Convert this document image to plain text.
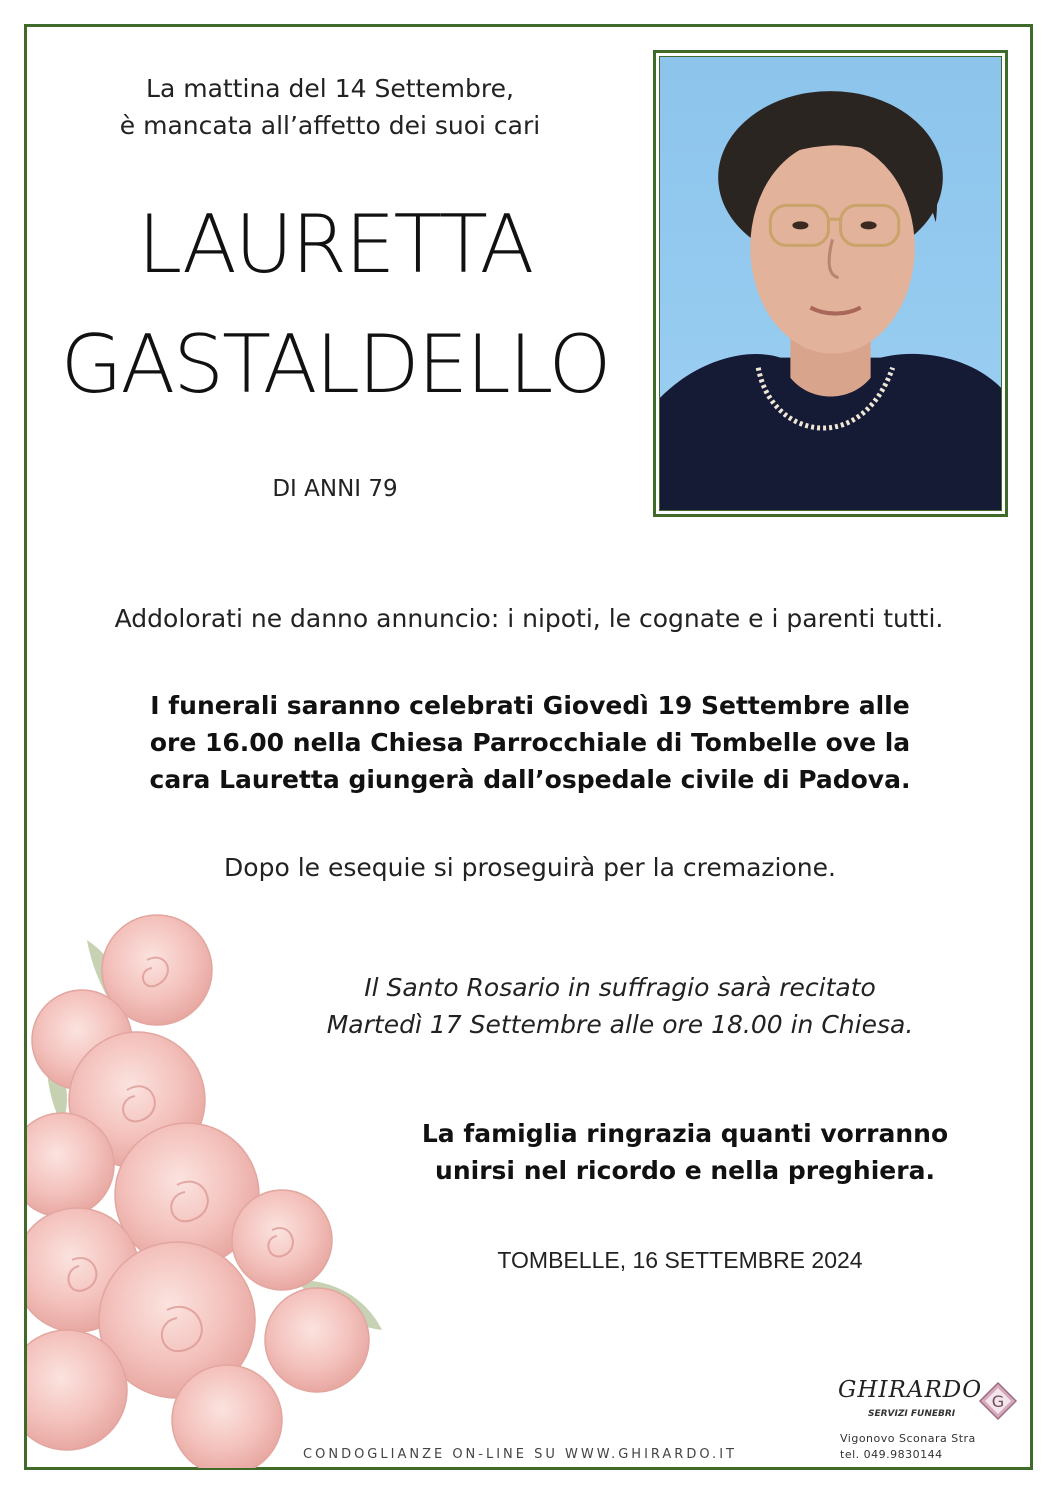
La mattina del 14 Settembre,
è mancata all’affetto dei suoi cari
LAURETTA
GASTALDELLO
DI ANNI 79
Addolorati ne danno annuncio: i nipoti, le cognate e i parenti tutti.
I funerali saranno celebrati Giovedì 19 Settembre alle
ore 16.00 nella Chiesa Parrocchiale di Tombelle ove la
cara Lauretta giungerà dall’ospedale civile di Padova.
Dopo le esequie si proseguirà per la cremazione.
Il Santo Rosario in suffragio sarà recitato
Martedì 17 Settembre alle ore 18.00 in Chiesa.
La famiglia ringrazia quanti vorranno
unirsi nel ricordo e nella preghiera.
TOMBELLE, 16 SETTEMBRE 2024
CONDOGLIANZE ON-LINE SU WWW.GHIRARDO.IT
GHIRARDO
SERVIZI FUNEBRI
G
Vigonovo Sconara Stra
tel. 049.9830144
